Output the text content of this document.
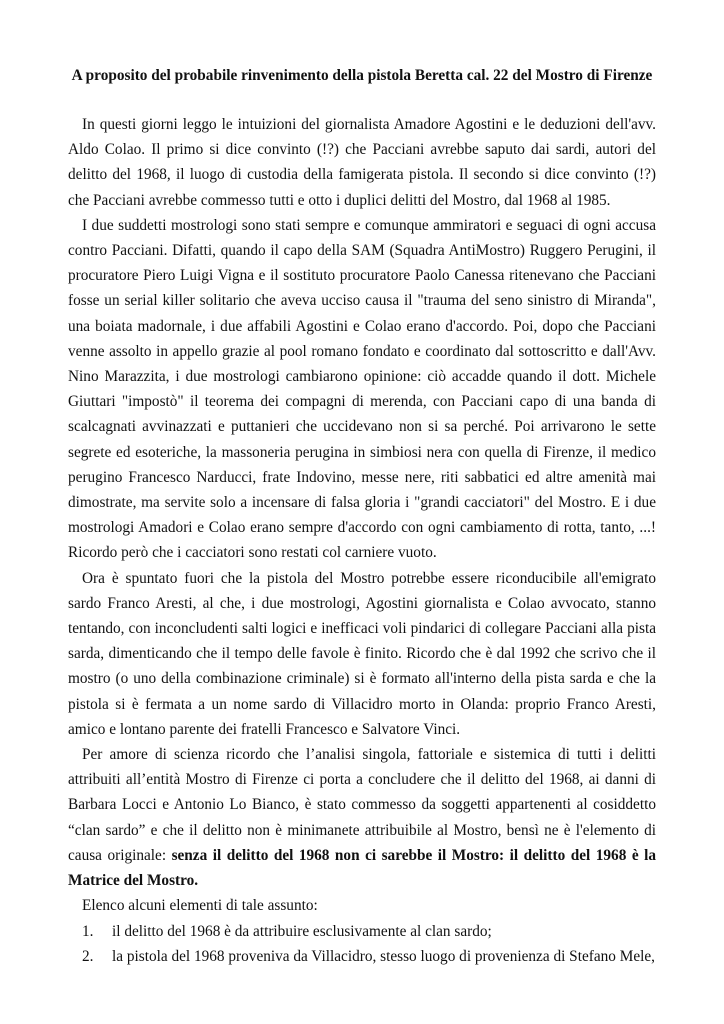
A proposito del probabile rinvenimento della pistola Beretta cal. 22 del Mostro di Firenze

In questi giorni leggo le intuizioni del giornalista Amadore Agostini e le deduzioni dell'avv. Aldo Colao. Il primo si dice convinto (!?) che Pacciani avrebbe saputo dai sardi, autori del delitto del 1968, il luogo di custodia della famigerata pistola. Il secondo si dice convinto (!?) che Pacciani avrebbe commesso tutti e otto i duplici delitti del Mostro, dal 1968 al 1985.

I due suddetti mostrologi sono stati sempre e comunque ammiratori e seguaci di ogni accusa contro Pacciani. Difatti, quando il capo della SAM (Squadra AntiMostro) Ruggero Perugini, il procuratore Piero Luigi Vigna e il sostituto procuratore Paolo Canessa ritenevano che Pacciani fosse un serial killer solitario che aveva ucciso causa il "trauma del seno sinistro di Miranda", una boiata madornale, i due affabili Agostini e Colao erano d'accordo. Poi, dopo che Pacciani venne assolto in appello grazie al pool romano fondato e coordinato dal sottoscritto e dall'Avv. Nino Marazzita, i due mostrologi cambiarono opinione: ciò accadde quando il dott. Michele Giuttari "impostò" il teorema dei compagni di merenda, con Pacciani capo di una banda di scalcagnati avvinazzati e puttanieri che uccidevano non si sa perché. Poi arrivarono le sette segrete ed esoteriche, la massoneria perugina in simbiosi nera con quella di Firenze, il medico perugino Francesco Narducci, frate Indovino, messe nere, riti sabbatici ed altre amenità mai dimostrate, ma servite solo a incensare di falsa gloria i "grandi cacciatori" del Mostro. E i due mostrologi Amadori e Colao erano sempre d'accordo con ogni cambiamento di rotta, tanto, ...! Ricordo però che i cacciatori sono restati col carniere vuoto.

Ora è spuntato fuori che la pistola del Mostro potrebbe essere riconducibile all'emigrato sardo Franco Aresti, al che, i due mostrologi, Agostini giornalista e Colao avvocato, stanno tentando, con inconcludenti salti logici e inefficaci voli pindarici di collegare Pacciani alla pista sarda, dimenticando che il tempo delle favole è finito. Ricordo che è dal 1992 che scrivo che il mostro (o uno della combinazione criminale) si è formato all'interno della pista sarda e che la pistola si è fermata a un nome sardo di Villacidro morto in Olanda: proprio Franco Aresti, amico e lontano parente dei fratelli Francesco e Salvatore Vinci.

Per amore di scienza ricordo che l’analisi singola, fattoriale e sistemica di tutti i delitti attribuiti all’entità Mostro di Firenze ci porta a concludere che il delitto del 1968, ai danni di Barbara Locci e Antonio Lo Bianco, è stato commesso da soggetti appartenenti al cosiddetto “clan sardo” e che il delitto non è minimanete attribuibile al Mostro, bensì ne è l'elemento di causa originale: senza il delitto del 1968 non ci sarebbe il Mostro: il delitto del 1968 è la Matrice del Mostro.

Elenco alcuni elementi di tale assunto:

1. il delitto del 1968 è da attribuire esclusivamente al clan sardo;
2. la pistola del 1968 proveniva da Villacidro, stesso luogo di provenienza di Stefano Mele,
